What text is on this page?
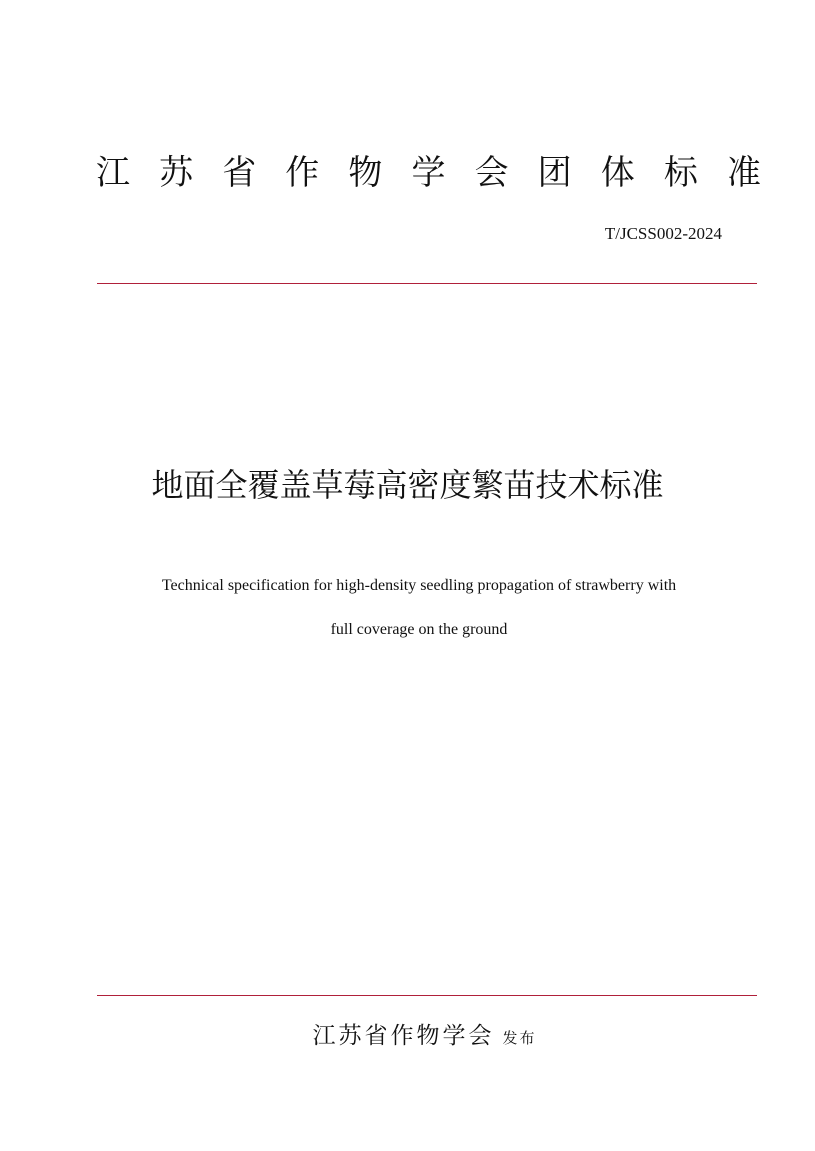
江 苏 省 作 物 学 会 团 体 标 准
T/JCSS002-2024
地面全覆盖草莓高密度繁苗技术标准
Technical specification for high-density seedling propagation of strawberry with
full coverage on the ground
江苏省作物学会 发布
